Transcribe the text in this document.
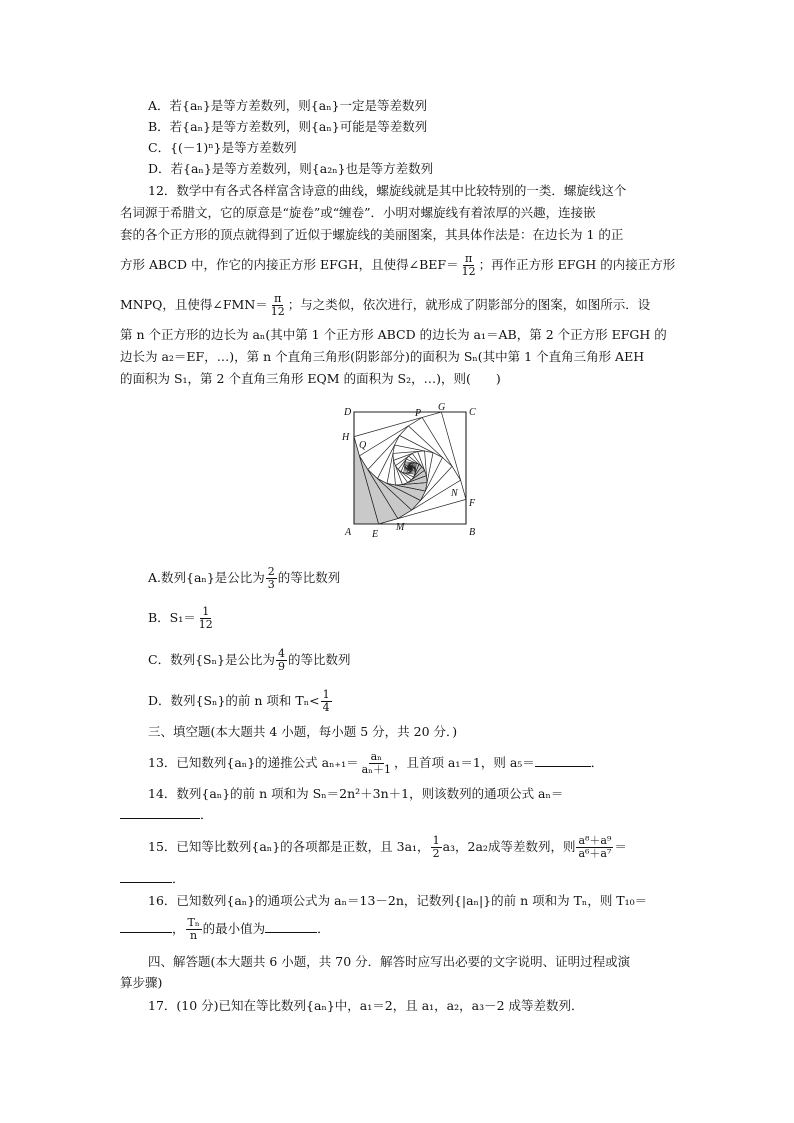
A．若{aₙ}是等方差数列，则{aₙ}一定是等差数列
B．若{aₙ}是等方差数列，则{aₙ}可能是等差数列
C．{(－1)ⁿ}是等方差数列
D．若{aₙ}是等方差数列，则{a₂ₙ}也是等方差数列
12．数学中有各式各样富含诗意的曲线，螺旋线就是其中比较特别的一类．螺旋线这个
名词源于希腊文，它的原意是“旋卷”或“缠卷”．小明对螺旋线有着浓厚的兴趣，连接嵌
套的各个正方形的顶点就得到了近似于螺旋线的美丽图案，其具体作法是：在边长为 1 的正
方形 ABCD 中，作它的内接正方形 EFGH，且使得∠BEF＝ $\frac{\pi}{12}$ ；再作正方形 EFGH 的内接正方形
MNPQ，且使得∠FMN＝ $\frac{\pi}{12}$ ；与之类似，依次进行，就形成了阴影部分的图案，如图所示．设
第 n 个正方形的边长为 aₙ(其中第 1 个正方形 ABCD 的边长为 a₁＝AB，第 2 个正方形 EFGH 的
边长为 a₂＝EF，…)，第 n 个直角三角形(阴影部分)的面积为 Sₙ(其中第 1 个直角三角形 AEH
的面积为 S₁，第 2 个直角三角形 EQM 的面积为 S₂，…)，则(　　)
D	P
G C
H
Q
N
F
A E
M	B
A.数列{aₙ}是公比为 $\frac{2}{3}$ 的等比数列
B．$S_1= \frac{1}{12}$
C．数列{Sₙ}是公比为 $\frac{4}{9}$ 的等比数列
D．数列{Sₙ}的前 n 项和 $T_n< \frac{1}{4}$
三、填空题(本大题共 4 小题，每小题 5 分，共 20 分．)
13．已知数列{aₙ}的递推公式 $a_{n+1}= \frac{\text{aₙ}}{\text{aₙ＋1}}$ ，且首项 a₁＝1，则 a₅＝	．
14．数列{aₙ}的前 n 项和为 Sₙ＝2n²＋3n＋1，则该数列的通项公式 aₙ＝
．
15．已知等比数列{aₙ}的各项都是正数，且 3a₁， $\frac{1}{2} a_3$，2a₂成等差数列，则 $\frac{\text{a⁸＋a⁹}}{\text{a⁶＋a⁷}}$ ＝
．
16．已知数列{aₙ}的通项公式为 aₙ＝13－2n，记数列{|aₙ|}的前 n 项和为 Tₙ，则 T₁₀＝
， $\frac{\text{Tₙ}}{n}$ 的最小值为	．
四、解答题(本大题共 6 小题，共 70 分．解答时应写出必要的文字说明、证明过程或演
算步骤)
17．(10 分)已知在等比数列{aₙ}中，a₁＝2，且 a₁，a₂，a₃－2 成等差数列．
